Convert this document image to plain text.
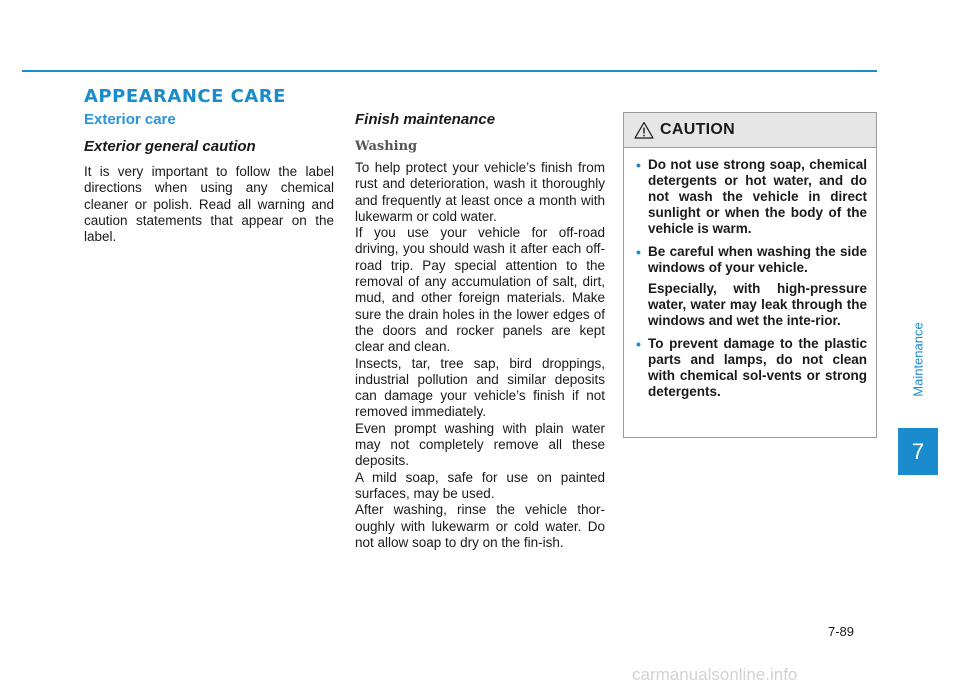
APPEARANCE CARE
Exterior care
Exterior general caution

It is very important to follow the label directions when using any chemical cleaner or polish. Read all warning and caution statements that appear on the label.

Finish maintenance
Washing

To help protect your vehicle’s finish from rust and deterioration, wash it thoroughly and frequently at least once a month with lukewarm or cold water.

If you use your vehicle for off-road driving, you should wash it after each off-road trip. Pay special attention to the removal of any accumulation of salt, dirt, mud, and other foreign materials. Make sure the drain holes in the lower edges of the doors and rocker panels are kept clear and clean.

Insects, tar, tree sap, bird droppings, industrial pollution and similar deposits can damage your vehicle’s finish if not removed immediately.

Even prompt washing with plain water may not completely remove all these deposits.

A mild soap, safe for use on painted surfaces, may be used.

After washing, rinse the vehicle thor-oughly with lukewarm or cold water. Do not allow soap to dry on the fin-ish.

CAUTION
• Do not use strong soap, chemical detergents or hot water, and do not wash the vehicle in direct sunlight or when the body of the vehicle is warm.

• Be careful when washing the side windows of your vehicle.

Especially, with high-pressure water, water may leak through the windows and wet the inte-rior.

• To prevent damage to the plastic parts and lamps, do not clean with chemical sol-vents or strong detergents.	Maintenance
7
7-89
carmanualsonline.info
